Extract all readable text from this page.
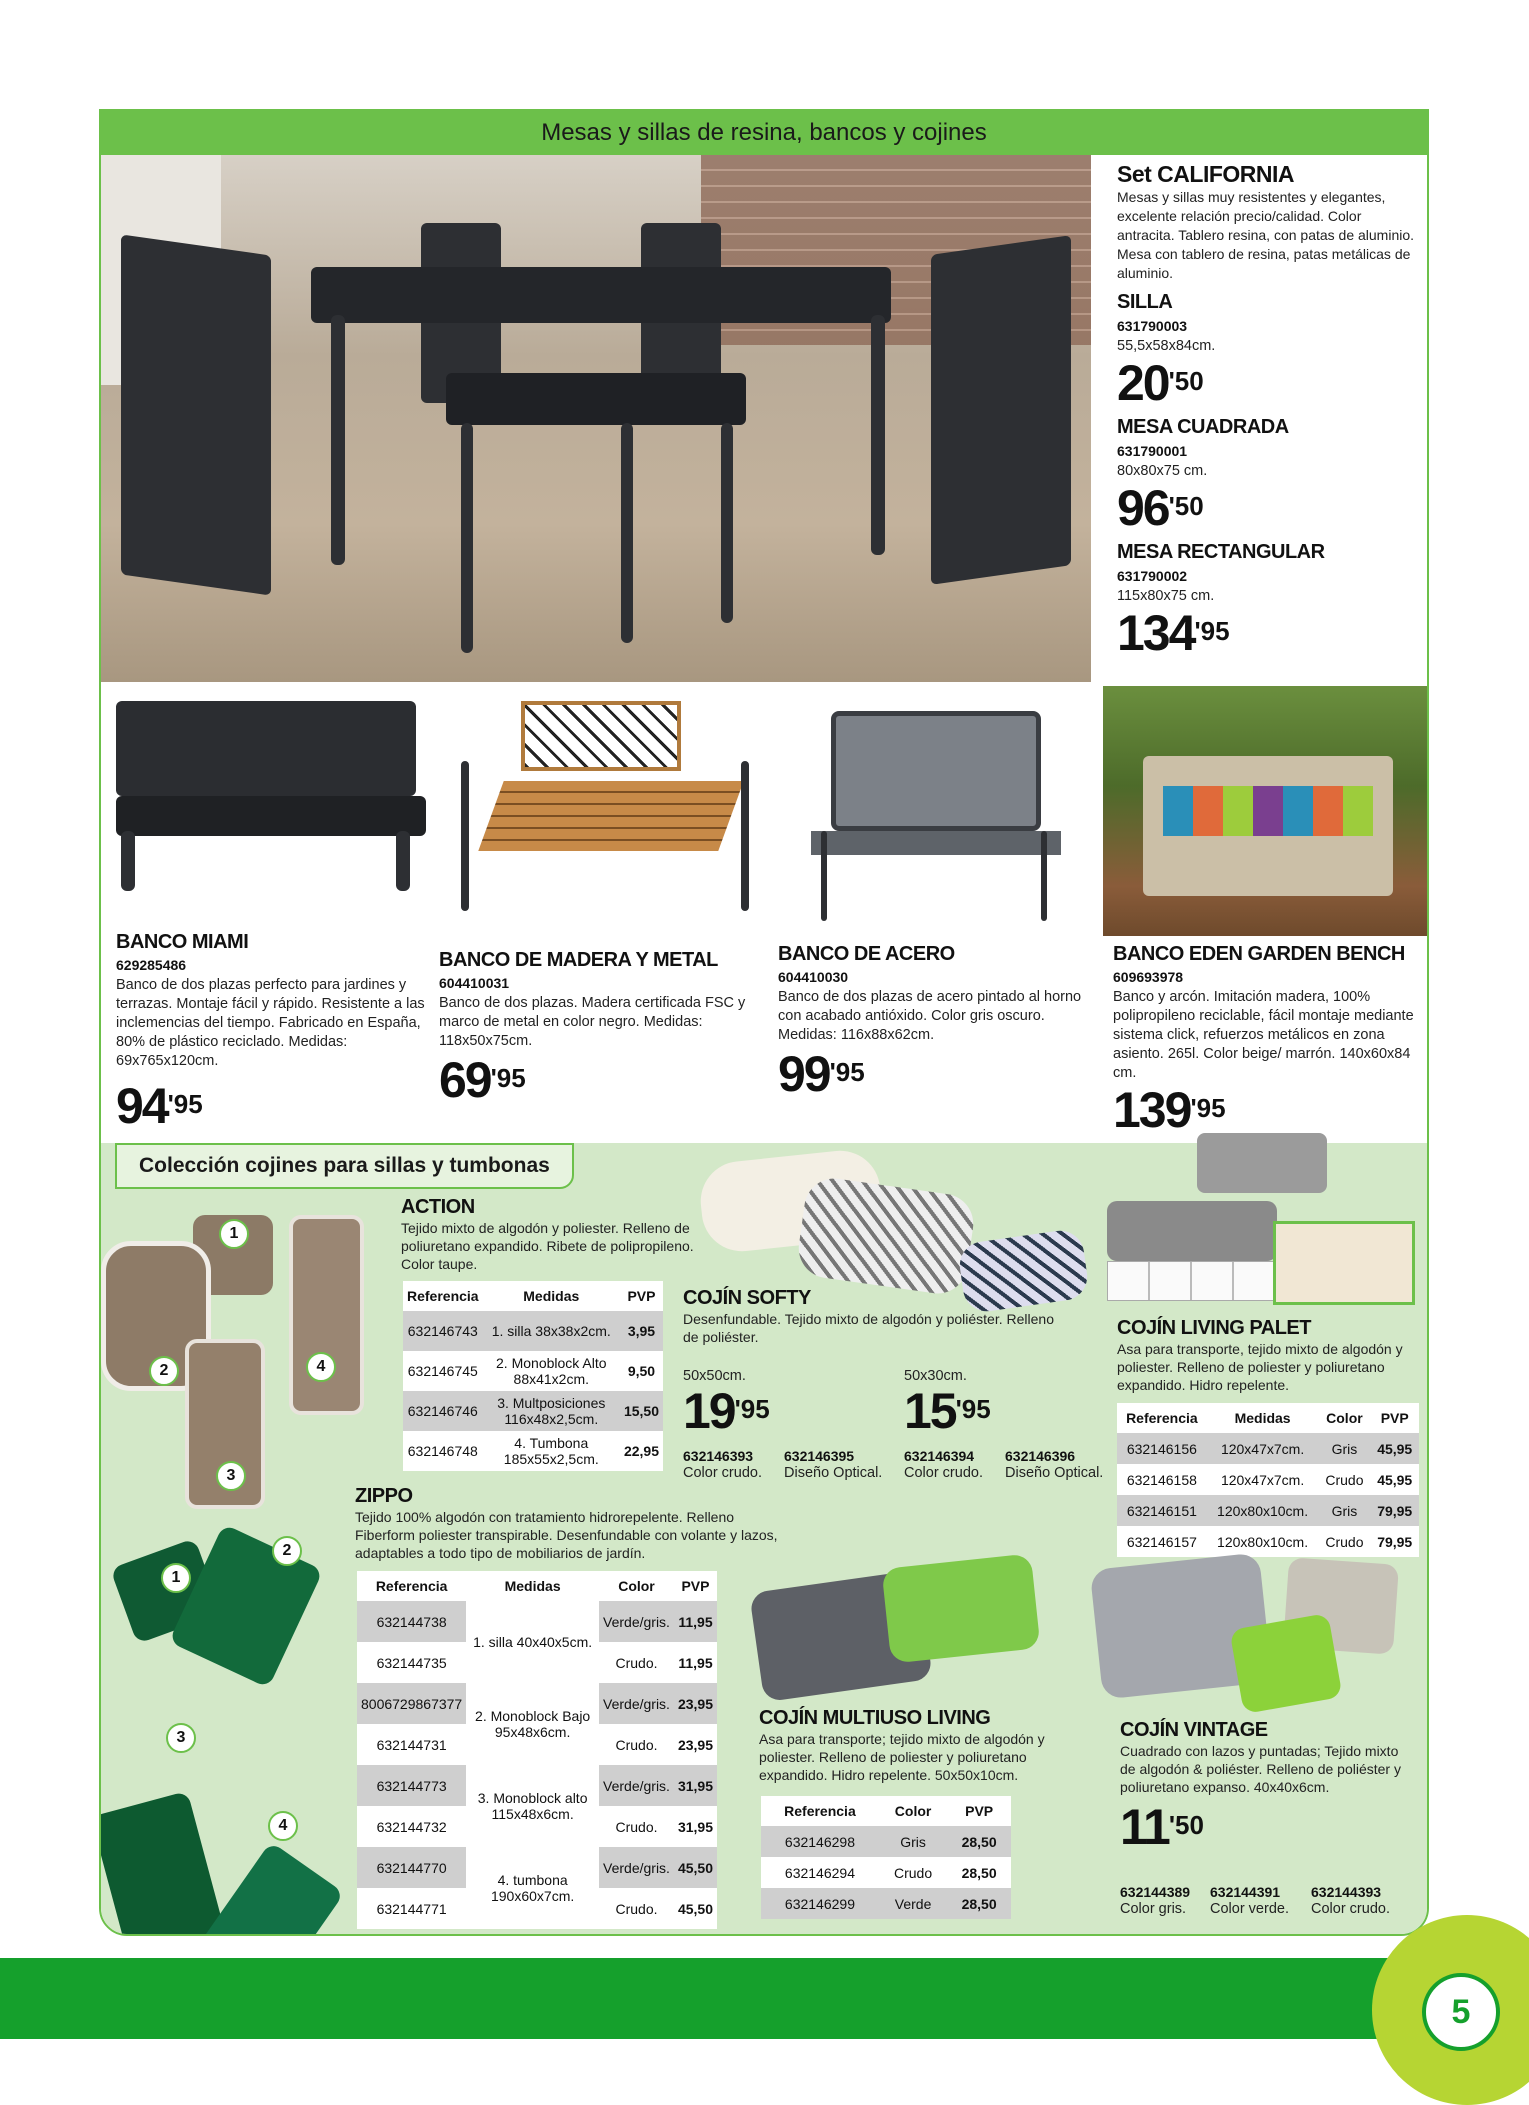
Mesas y sillas de resina, bancos y cojines
Set CALIFORNIA
Mesas y sillas muy resistentes y elegantes, excelente relación precio/calidad. Color antracita. Tablero resina, con patas de aluminio. Mesa con tablero de resina, patas metálicas de aluminio.
SILLA
631790003
55,5x58x84cm.
$20^{'50}$
MESA CUADRADA
631790001
80x80x75 cm.
$96^{'50}$
MESA RECTANGULAR
631790002
115x80x75 cm.
$134^{'95}$
BANCO MIAMI
629285486
Banco de dos plazas perfecto para jardines y terrazas. Montaje fácil y rápido. Resistente a las inclemencias del tiempo. Fabricado en España, 80% de plástico reciclado. Medidas: 69x765x120cm.
$94^{'95}$
BANCO DE MADERA Y METAL
604410031
Banco de dos plazas. Madera certificada FSC y marco de metal en color negro. Medidas: 118x50x75cm.
$69^{'95}$
BANCO DE ACERO
604410030
Banco de dos plazas de acero pintado al horno con acabado antióxido. Color gris oscuro. Medidas: 116x88x62cm.
$99^{'95}$
BANCO EDEN GARDEN BENCH
609693978
Banco y arcón. Imitación madera, 100% polipropileno reciclable, fácil montaje mediante sistema click, refuerzos metálicos en zona asiento. 265l. Color beige/ marrón. 140x60x84 cm.
$139^{'95}$
Colección cojines para sillas y tumbonas
1
2	4
3
ACTION
Tejido mixto de algodón y poliester. Relleno de poliuretano expandido. Ribete de polipropileno. Color taupe.
Referencia	Medidas	PVP
632146743	1. silla 38x38x2cm.	3,95
632146745	2. Monoblock Alto 88x41x2cm.	9,50
632146746	3. Multposiciones 116x48x2,5cm.	15,50
632146748	4. Tumbona 185x55x2,5cm.	22,95
COJÍN SOFTY
Desenfundable. Tejido mixto de algodón y poliéster. Relleno de poliéster.
50x50cm.
$19^{'95}$
50x30cm.
$15^{'95}$
632146393
Color crudo.
632146395
Diseño Optical.
632146394
Color crudo.
632146396
Diseño Optical.
COJÍN LIVING PALET
Asa para transporte, tejido mixto de algodón y poliester. Relleno de poliester y poliuretano expandido. Hidro repelente.
Referencia	Medidas	Color	PVP
632146156	120x47x7cm.	Gris	45,95
632146158	120x47x7cm.	Crudo	45,95
632146151	120x80x10cm.	Gris	79,95
632146157	120x80x10cm.	Crudo	79,95
1
2
3
4
ZIPPO
Tejido 100% algodón con tratamiento hidrorepelente. Relleno Fiberform poliester transpirable. Desenfundable con volante y lazos, adaptables a todo tipo de mobiliarios de jardín.
Referencia	Medidas	Color	PVP
632144738	1. silla 40x40x5cm.	Verde/gris.	11,95
632144735		Crudo.	11,95
8006729867377	2. Monoblock Bajo 95x48x6cm.	Verde/gris.	23,95
632144731		Crudo.	23,95
632144773	3. Monoblock alto 115x48x6cm.	Verde/gris.	31,95
632144732		Crudo.	31,95
632144770	4. tumbona 190x60x7cm.	Verde/gris.	45,50
632144771		Crudo.	45,50
COJÍN MULTIUSO LIVING
Asa para transporte; tejido mixto de algodón y poliester. Relleno de poliester y poliuretano expandido. Hidro repelente. 50x50x10cm.
Referencia	Color	PVP
632146298	Gris	28,50
632146294	Crudo	28,50
632146299	Verde	28,50
COJÍN VINTAGE
Cuadrado con lazos y puntadas; Tejido mixto de algodón & poliéster. Relleno de poliéster y poliuretano expanso. 40x40x6cm.
$11^{'50}$
632144389
Color gris.
632144391
Color verde.
632144393
Color crudo.
5
